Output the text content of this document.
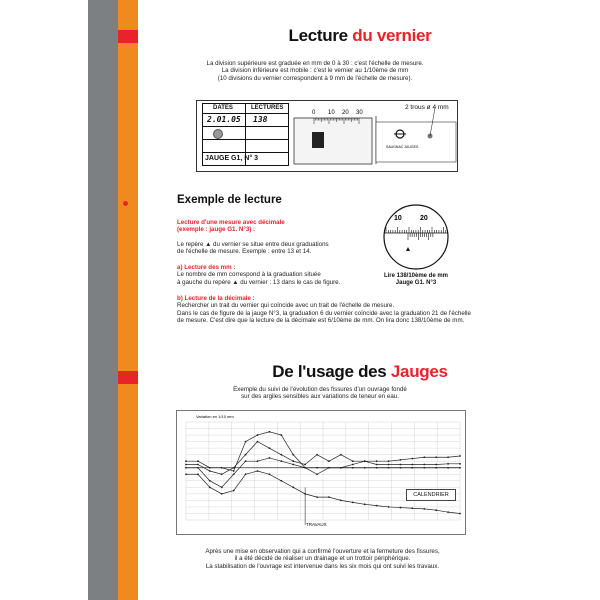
Lecture du vernier
La division supérieure est graduée en mm de 0 à 30 : c'est l'échelle de mesure.
La division inférieure est mobile : c'est le vernier au 1/10ème de mm
(10 divisions du vernier correspondent à 9 mm de l'échelle de mesure).
DATES	LECTURES
2.01.05 138
JAUGE G1, N° 3
0 10 20 30
SAUGNAC JAUGES
2 trous ø 4 mm
Exemple de lecture
Lecture d'une mesure avec décimale
(exemple : jauge G1. N°3) :
Le repère ▲ du vernier se situe entre deux graduations
de l'échelle de mesure. Exemple : entre 13 et 14.
a) Lecture des mm :
Le nombre de mm correspond à la graduation située
à gauche du repère ▲ du vernier : 13 dans le cas de figure.
b) Lecture de la décimale :
Rechercher un trait du vernier qui coïncide avec un trait de l'échelle de mesure.
Dans le cas de figure de la jauge N°3, la graduation 6 du vernier coïncide avec la graduation 21 de l'échelle
de mesure. C'est dire que la lecture de la décimale est 6/10ème de mm. On lira donc 138/10ème de mm.
10	20
Lire 138/10ème de mm
Jauge G1. N°3
De l'usage des Jauges
Exemple du suivi de l'évolution des fissures d'un ouvrage fondé
sur des argiles sensibles aux variations de teneur en eau.
Variation en 1/10 mm
TRAVAUX
CALENDRIER
Après une mise en observation qui a confirmé l'ouverture et la fermeture des fissures,
il a été décidé de réaliser un drainage et un trottoir périphérique.
La stabilisation de l'ouvrage est intervenue dans les six mois qui ont suivi les travaux.
